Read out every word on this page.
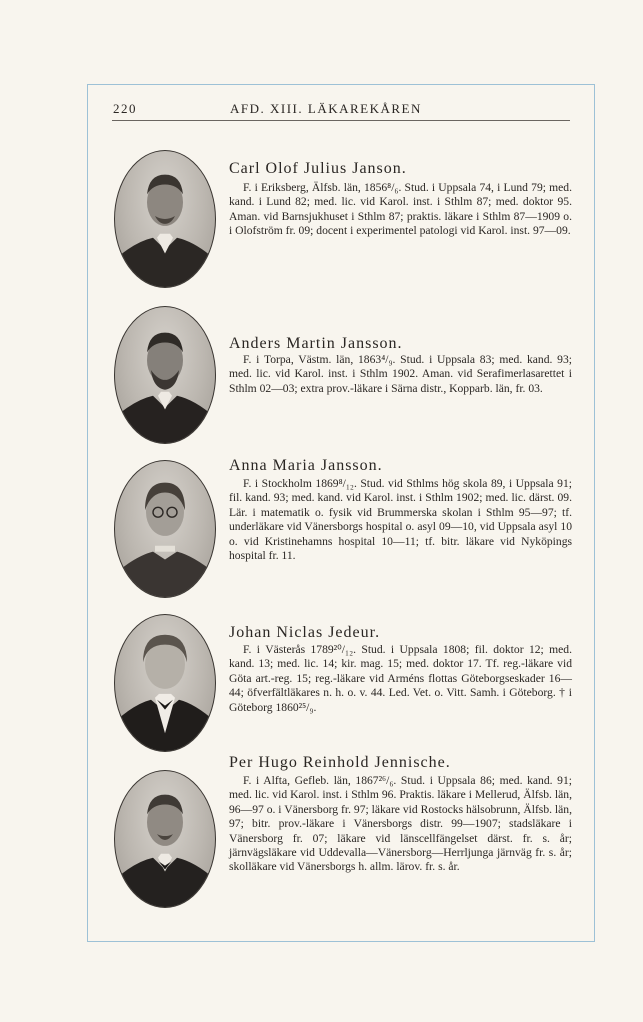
220	AFD. XIII. LÄKAREKÅREN
Carl Olof Julius Janson.
F. i Eriksberg, Älfsb. län, 1856⁸/₆. Stud. i Uppsala 74, i Lund 79; med. kand. i Lund 82; med. lic. vid Karol. inst. i Sthlm 87; med. doktor 95. Aman. vid Barnsjukhuset i Sthlm 87; praktis. läkare i Sthlm 87—1909 o. i Olofström fr. 09; docent i experimentel patologi vid Karol. inst. 97—09.
Anders Martin Jansson.
F. i Torpa, Västm. län, 1863⁴/₉. Stud. i Uppsala 83; med. kand. 93; med. lic. vid Karol. inst. i Sthlm 1902. Aman. vid Serafimerlasarettet i Sthlm 02—03; extra prov.-läkare i Särna distr., Kopparb. län, fr. 03.
Anna Maria Jansson.
F. i Stockholm 1869⁸/₁₂. Stud. vid Sthlms hög skola 89, i Uppsala 91; fil. kand. 93; med. kand. vid Karol. inst. i Sthlm 1902; med. lic. därst. 09. Lär. i matematik o. fysik vid Brummerska skolan i Sthlm 95—97; tf. underläkare vid Vänersborgs hospital o. asyl 09—10, vid Uppsala asyl 10 o. vid Kristinehamns hospital 10—11; tf. bitr. läkare vid Nyköpings hospital fr. 11.
Johan Niclas Jedeur.
F. i Västerås 1789²⁰/₁₂. Stud. i Uppsala 1808; fil. doktor 12; med. kand. 13; med. lic. 14; kir. mag. 15; med. doktor 17. Tf. reg.-läkare vid Göta art.-reg. 15; reg.-läkare vid Arméns flottas Göteborgseskader 16—44; öfverfältläkares n. h. o. v. 44. Led. Vet. o. Vitt. Samh. i Göteborg. † i Göteborg 1860²⁵/₉.
Per Hugo Reinhold Jennische.
F. i Alfta, Gefleb. län, 1867²⁶/₆. Stud. i Uppsala 86; med. kand. 91; med. lic. vid Karol. inst. i Sthlm 96. Praktis. läkare i Mellerud, Älfsb. län, 96—97 o. i Vänersborg fr. 97; läkare vid Rostocks hälsobrunn, Älfsb. län, 97; bitr. prov.-läkare i Vänersborgs distr. 99—1907; stadsläkare i Vänersborg fr. 07; läkare vid länscellfängelset därst. fr. s. år; järnvägsläkare vid Uddevalla—Vänersborg—Herrljunga järnväg fr. s. år; skolläkare vid Vänersborgs h. allm. lärov. fr. s. år.
